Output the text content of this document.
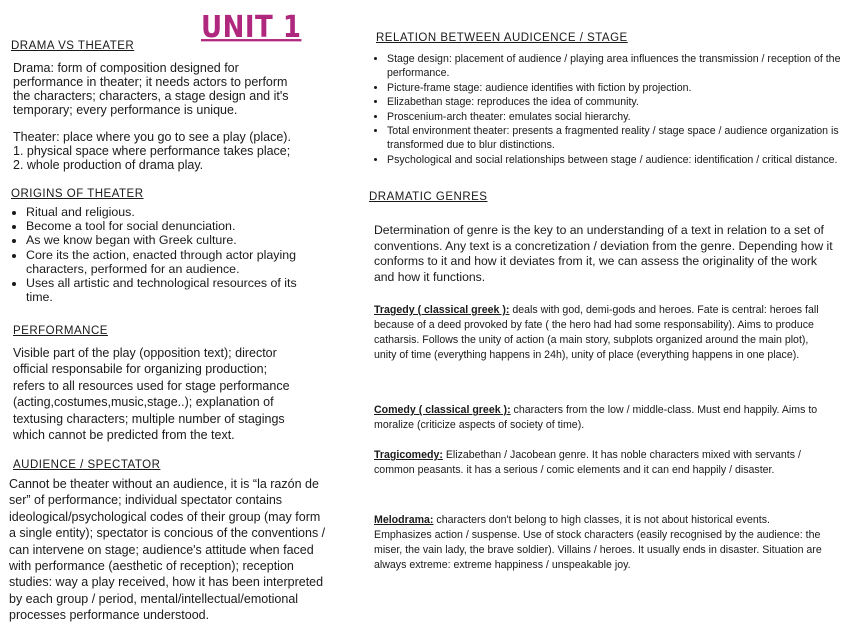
UNIT 1
DRAMA VS THEATER

Drama: form of composition designed for
performance in theater; it needs actors to perform
the characters; characters, a stage design and it's
temporary; every performance is unique.

Theater: place where you go to see a play (place).
1. physical space where performance takes place;
2. whole production of drama play.

ORIGINS OF THEATER
• Ritual and religious.
• Become a tool for social denunciation.
• As we know began with Greek culture.
• Core its the action, enacted through actor playing characters, performed for an audience.
• Uses all artistic and technological resources of its time.
PERFORMANCE

Visible part of the play (opposition text); director
official responsabile for organizing production;
refers to all resources used for stage performance
(acting,costumes,music,stage..); explanation of
textusing characters; multiple number of stagings
which cannot be predicted from the text.

AUDIENCE / SPECTATOR

Cannot be theater without an audience, it is “la razón de
ser” of performance; individual spectator contains
ideological/psychological codes of their group (may form
a single entity); spectator is concious of the conventions /
can intervene on stage; audience's attitude when faced
with performance (aesthetic of reception); reception
studies: way a play received, how it has been interpreted
by each group / period, mental/intellectual/emotional
processes performance understood.

RELATION BETWEEN AUDICENCE / STAGE
• Stage design: placement of audience / playing area influences the transmission / reception of the performance.
• Picture-frame stage: audience identifies with fiction by projection.
• Elizabethan stage: reproduces the idea of community.
• Proscenium-arch theater: emulates social hierarchy.
• Total environment theater: presents a fragmented reality / stage space / audience organization is transformed due to blur distinctions.
• Psychological and social relationships between stage / audience: identification / critical distance.
DRAMATIC GENRES

Determination of genre is the key to an understanding of a text in relation to a set of conventions. Any text is a concretization / deviation from the genre. Depending how it conforms to it and how it deviates from it, we can assess the originality of the work and how it functions.

Tragedy ( classical greek ): deals with god, demi-gods and heroes. Fate is central: heroes fall because of a deed provoked by fate ( the hero had had some responsability). Aims to produce catharsis. Follows the unity of action (a main story, subplots organized around the main plot), unity of time (everything happens in 24h), unity of place (everything happens in one place).

Comedy ( classical greek ): characters from the low / middle-class. Must end happily. Aims to moralize (criticize aspects of society of time).

Tragicomedy: Elizabethan / Jacobean genre. It has noble characters mixed with servants / common peasants. it has a serious / comic elements and it can end happily / disaster.

Melodrama: characters don't belong to high classes, it is not about historical events. Emphasizes action / suspense. Use of stock characters (easily recognised by the audience: the miser, the vain lady, the brave soldier). Villains / heroes. It usually ends in disaster. Situation are always extreme: extreme happiness / unspeakable joy.
